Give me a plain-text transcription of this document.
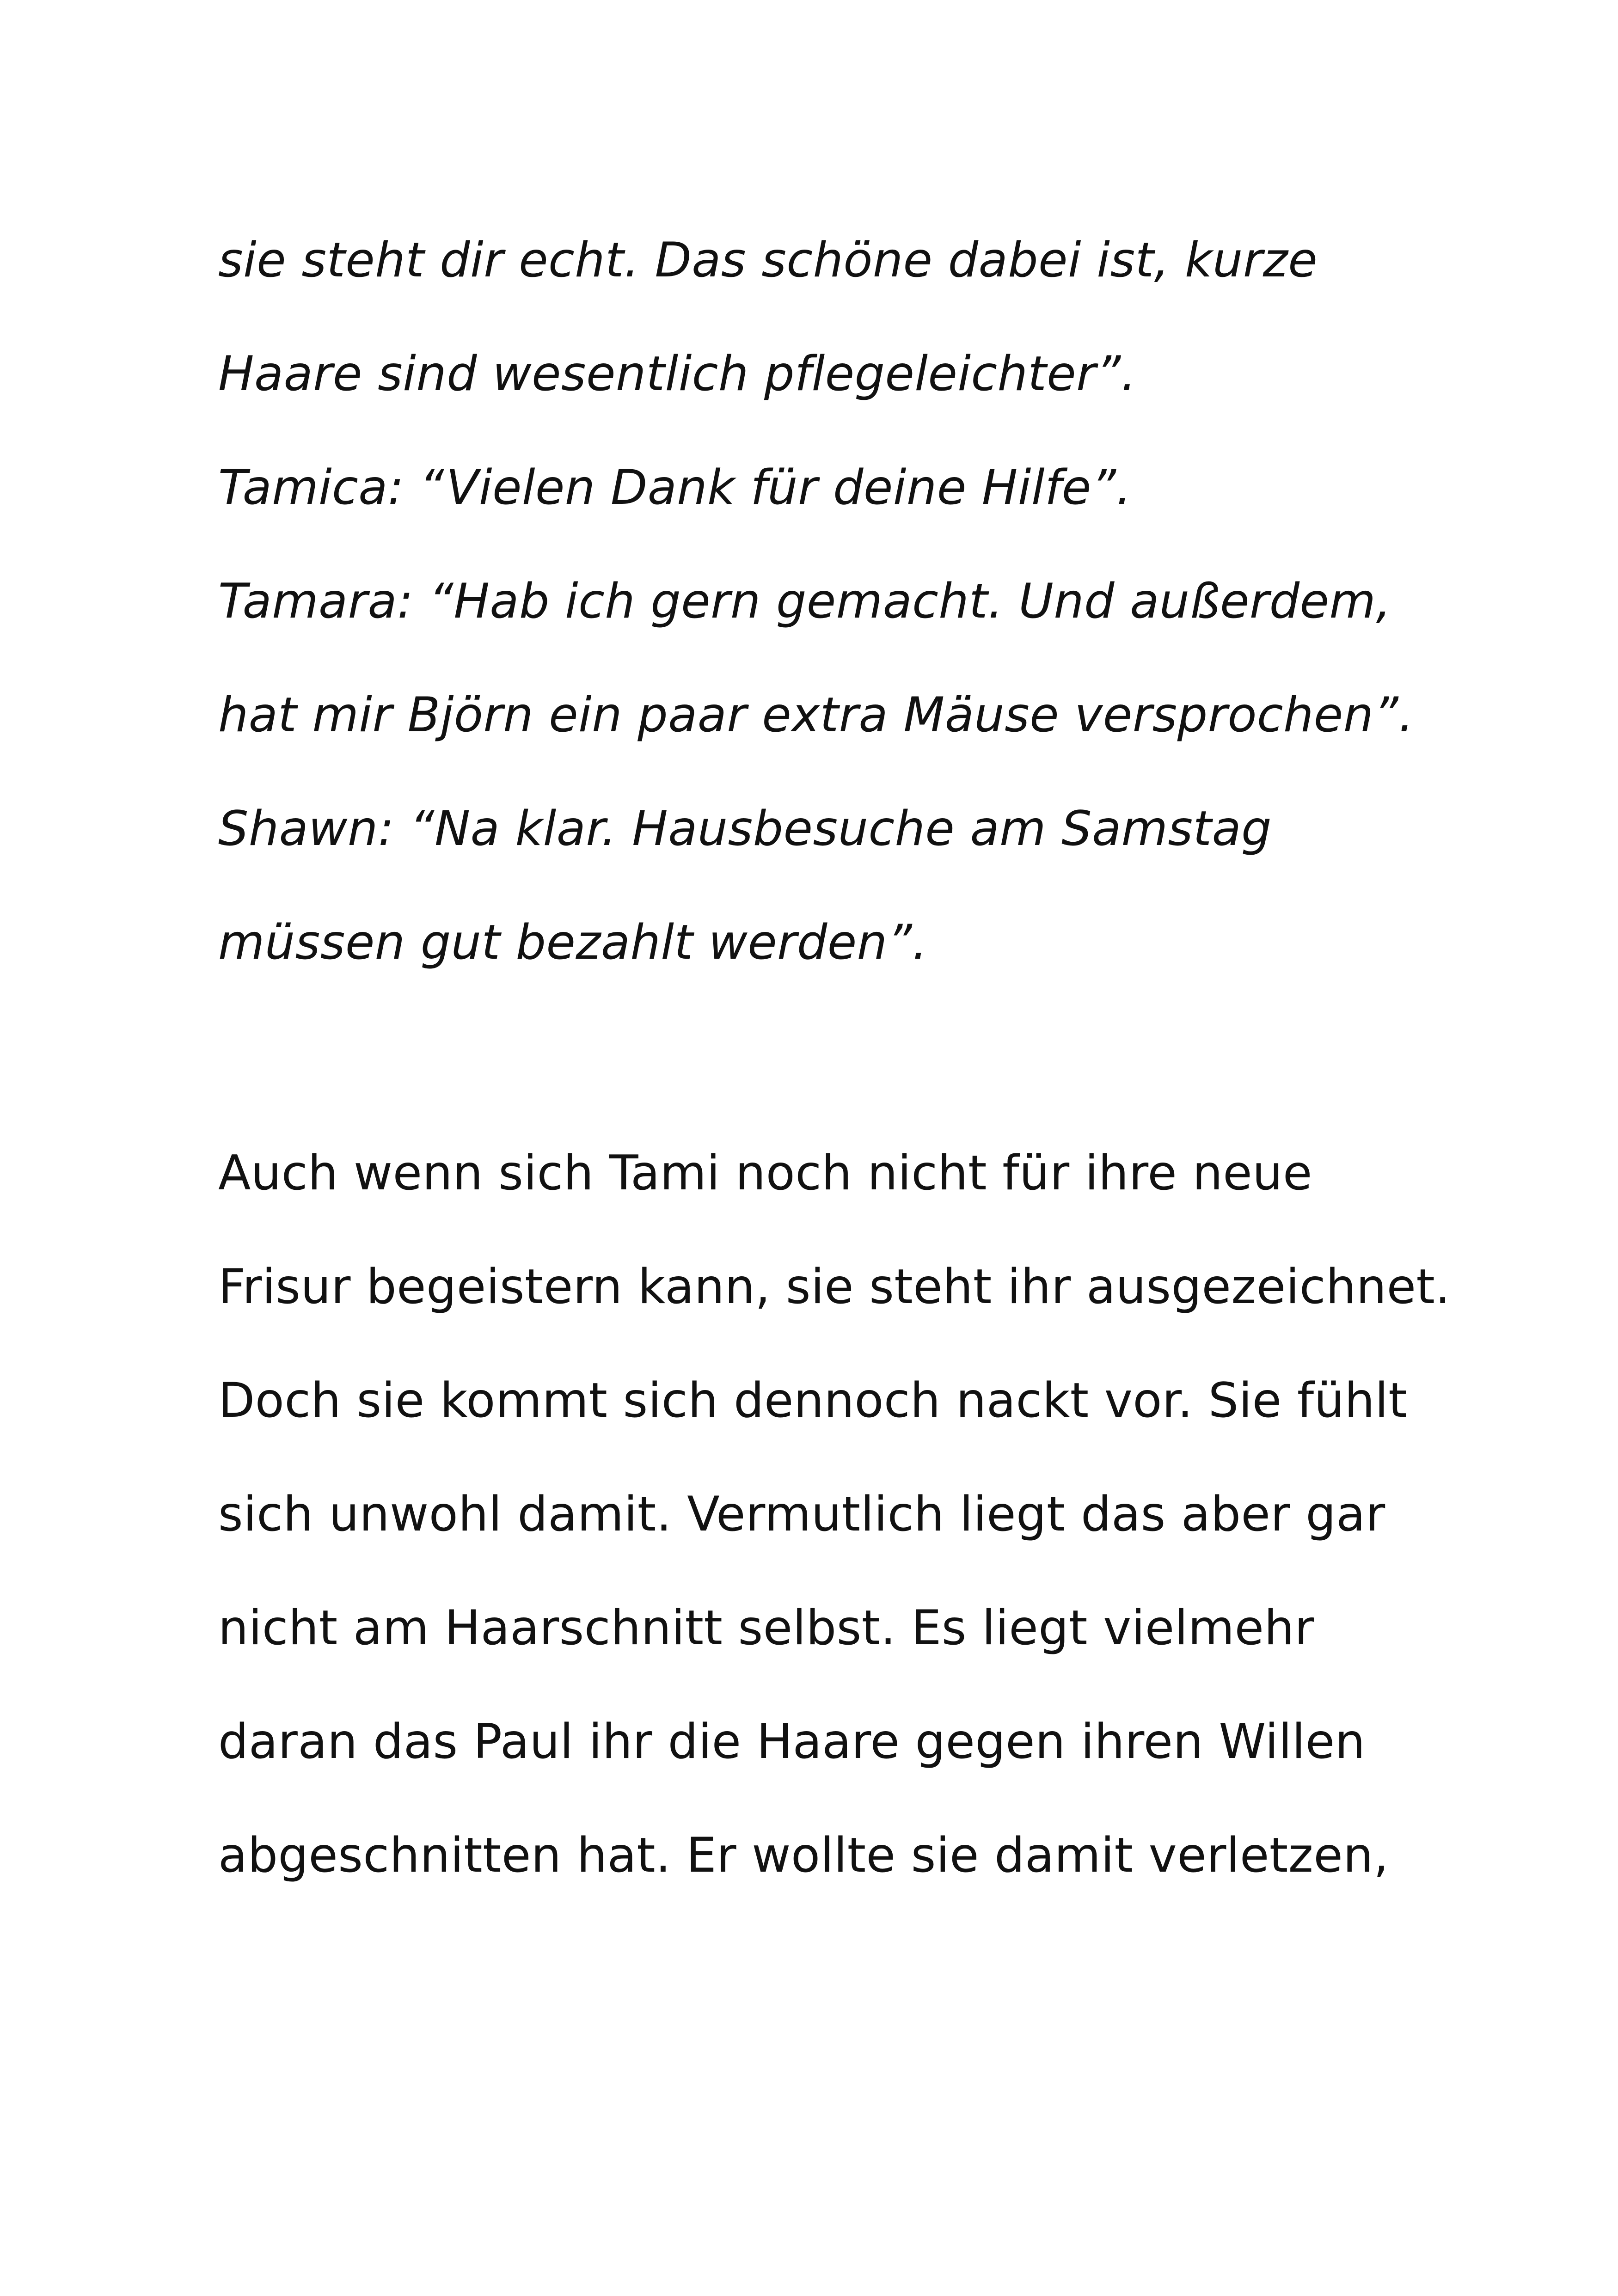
sie steht dir echt. Das schöne dabei ist, kurze
Haare sind wesentlich pflegeleichter”.
Tamica: “Vielen Dank für deine Hilfe”.
Tamara: “Hab ich gern gemacht. Und außerdem,
hat mir Björn ein paar extra Mäuse versprochen”.
Shawn: “Na klar. Hausbesuche am Samstag
müssen gut bezahlt werden”.
Auch wenn sich Tami noch nicht für ihre neue
Frisur begeistern kann, sie steht ihr ausgezeichnet.
Doch sie kommt sich dennoch nackt vor. Sie fühlt
sich unwohl damit. Vermutlich liegt das aber gar
nicht am Haarschnitt selbst. Es liegt vielmehr
daran das Paul ihr die Haare gegen ihren Willen
abgeschnitten hat. Er wollte sie damit verletzen,
